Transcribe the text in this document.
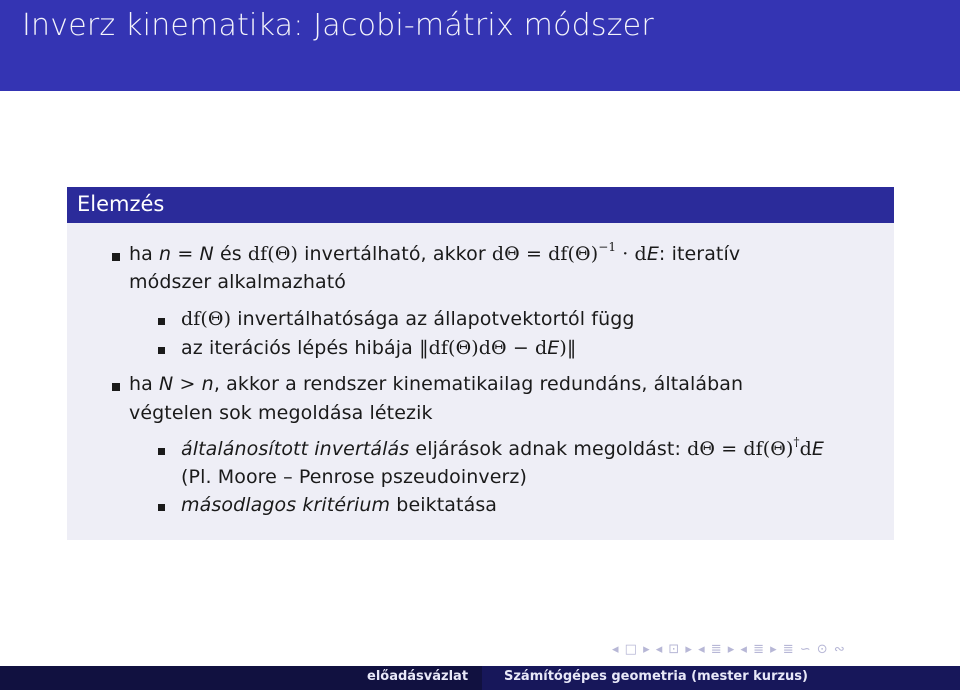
Inverz kinematika: Jacobi-mátrix módszer
Elemzés
ha n = N és df(Θ) invertálható, akkor $d\Theta = df(\Theta)^{-1}$ · dE: iteratív
módszer alkalmazható
df(Θ) invertálhatósága az állapotvektortól függ
az iterációs lépés hibája ‖df(Θ)dΘ − dE)‖
ha N > n, akkor a rendszer kinematikailag redundáns, általában
végtelen sok megoldása létezik
általánosított invertálás eljárások adnak megoldást: dΘ = df(Θ)†dE
(Pl. Moore – Penrose pszeudoinverz)
másodlagos kritérium beiktatása
◂ □ ▸ ◂ ⊡ ▸ ◂ ≣ ▸ ◂ ≣ ▸ ≣ ∽ ⊙ ∾
előadásvázlat	Számítógépes geometria (mester kurzus)
